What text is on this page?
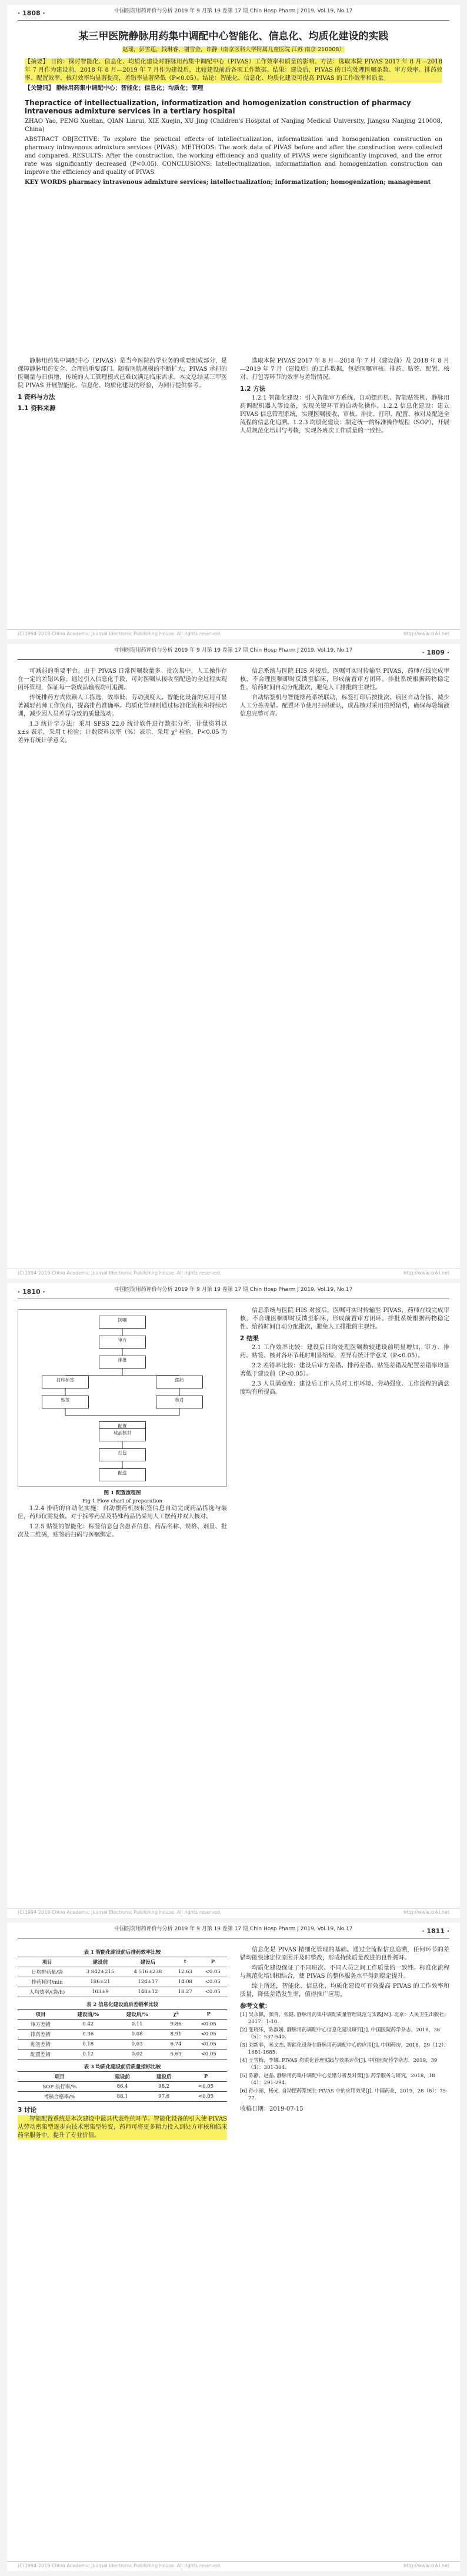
· 1808 ·	中国医院用药评价与分析 2019 年 9 月第 19 卷第 17 期 Chin Hosp Pharm J 2019, Vol.19, No.17
某三甲医院静脉用药集中调配中心智能化、信息化、均质化建设的实践
赵瑶，彭雪莲，钱琳睿，谢雪金，许静（南京医科大学附属儿童医院 江苏 南京 210008）

【摘要】 目的：探讨智能化、信息化、均质化建设对静脉用药集中调配中心（PIVAS）工作效率和质量的影响。方法：选取本院 PIVAS 2017 年 8 月—2018 年 7 月作为建设前，2018 年 8 月—2019 年 7 月作为建设后，比较建设前后各项工作数据。结果：建设后，PIVAS 的日均处理医嘱条数、审方效率、排药效率、配置效率、核对效率均显著提高，差错率显著降低（P<0.05）。结论：智能化、信息化、均质化建设可提高 PIVAS 的工作效率和质量。

【关键词】 静脉用药集中调配中心；智能化；信息化；均质化；管理

Thepractice of intellectualization, informatization and homogenization construction of pharmacy intravenous admixture services in a tertiary hospital

ZHAO Yao, PENG Xuelian, QIAN Linrui, XIE Xuejin, XU Jing (Children's Hospital of Nanjing Medical University, Jiangsu Nanjing 210008, China)

ABSTRACT OBJECTIVE: To explore the practical effects of intellectualization, informatization and homogenization construction on pharmacy intravenous admixture services (PIVAS). METHODS: The work data of PIVAS before and after the construction were collected and compared. RESULTS: After the construction, the working efficiency and quality of PIVAS were significantly improved, and the error rate was significantly decreased (P<0.05). CONCLUSIONS: Intellectualization, informatization and homogenization construction can improve the efficiency and quality of PIVAS.

KEY WORDS pharmacy intravenous admixture services; intellectualization; informatization; homogenization; management

静脉用药集中调配中心（PIVAS）是当今医院药学业务的重要组成部分，是保障静脉用药安全、合理的重要部门。随着医院规模的不断扩大，PIVAS 承担的医嘱量与日俱增，传统的人工管理模式已难以满足临床需求。本文总结某三甲医院 PIVAS 开展智能化、信息化、均质化建设的经验，为同行提供参考。

1 资料与方法
1.1 资料来源

选取本院 PIVAS 2017 年 8 月—2018 年 7 月（建设前）及 2018 年 8 月—2019 年 7 月（建设后）的工作数据，包括医嘱审核、排药、贴签、配置、核对、打包等环节的效率与差错情况。

1.2 方法

1.2.1 智能化建设：引入智能审方系统、自动摆药机、智能贴签机、静脉用药调配机器人等设备，实现关键环节的自动化操作。1.2.2 信息化建设：建立 PIVAS 信息管理系统，实现医嘱接收、审核、排批、打印、配置、核对及配送全流程的信息化追溯。1.2.3 均质化建设：制定统一的标准操作规程（SOP），开展人员规范化培训与考核，实现各班次工作质量的一致性。

http://www.cnki.net
(C)1994-2019 China Academic Journal Electronic Publishing House. All rights reserved.
· 1809 ·
中国医院用药评价与分析 2019 年 9 月第 19 卷第 17 期 Chin Hosp Pharm J 2019, Vol.19, No.17

可减弱的重要平台。由于 PIVAS 日常医嘱数量多、批次集中，人工操作存在一定的差错风险。通过引入信息化手段，可对医嘱从接收至配送的全过程实现闭环管理，保证每一袋成品输液均可追溯。

传统排药方式依赖人工拣选，效率低、劳动强度大。智能化设备的应用可显著减轻药师工作负荷，提高排药准确率。均质化管理则通过标准化流程和持续培训，减少因人员差异导致的质量波动。

1.3 统计学方法：采用 SPSS 22.0 统计软件进行数据分析，计量资料以 x±s 表示，采用 t 检验；计数资料以率（%）表示，采用 χ² 检验，P<0.05 为差异有统计学意义。

信息系统与医院 HIS 对接后，医嘱可实时传输至 PIVAS，药师在线完成审核，不合理医嘱即时反馈至临床，形成前置审方闭环。排批系统根据药物稳定性、给药时间自动分配批次，避免人工排批的主观性。

自动贴签机与智能摆药系统联动，标签打印后按批次、病区自动分拣，减少人工分拣差错。配置环节使用扫码确认，成品核对采用拍照留档，确保每袋输液信息完整可查。

http://www.cnki.net
(C)1994-2019 China Academic Journal Electronic Publishing House. All rights reserved.
· 1810 ·	中国医院用药评价与分析 2019 年 9 月第 19 卷第 17 期 Chin Hosp Pharm J 2019, Vol.19, No.17
医嘱
审方
排批
打印标签	摆药
贴签	核对
配置
成品核对
打包
配送
图 1 配置流程图
Fig 1 Flow chart of preparation

1.2.4 排药的自动化实施：自动摆药机按标签信息自动完成药品拣选与装筐，药师仅需复核。对于拆零药品及特殊药品仍采用人工摆药并双人核对。

1.2.5 贴签的智能化：标签信息包含患者信息、药品名称、规格、剂量、批次及二维码，贴签后扫码与医嘱绑定。

信息系统与医院 HIS 对接后，医嘱可实时传输至 PIVAS，药师在线完成审核，不合理医嘱即时反馈至临床，形成前置审方闭环。排批系统根据药物稳定性、给药时间自动分配批次，避免人工排批的主观性。

2 结果

2.1 工作效率比较：建设后日均处理医嘱数较建设前明显增加，审方、排药、贴签、核对各环节耗时明显缩短，差异有统计学意义（P<0.05）。

2.2 差错率比较：建设后审方差错、排药差错、贴签差错及配置差错率均显著低于建设前（P<0.05）。

2.3 人员满意度：建设后工作人员对工作环境、劳动强度、工作流程的满意度均有所提高。

http://www.cnki.net
(C)1994-2019 China Academic Journal Electronic Publishing House. All rights reserved.
· 1811 ·
中国医院用药评价与分析 2019 年 9 月第 19 卷第 17 期 Chin Hosp Pharm J 2019, Vol.19, No.17
表 1 智能化建设前后排药效率比较
项目	建设前	建设后	t	P
日均排药量/袋	3 842±215	4 516±238	12.63	<0.05
排药耗时/min	186±21	124±17	14.08	<0.05
人均效率/(袋/h)	103±9	148±12	18.27	<0.05
表 2 信息化建设前后差错率比较
项目	建设前/%	建设后/%	χ²	P
审方差错	0.42	0.11	9.86	<0.05
排药差错	0.36	0.08	8.91	<0.05
贴签差错	0.18	0.03	6.74	<0.05
配置差错	0.12	0.02	5.63	<0.05
表 3 均质化建设前后质量指标比较
项目	建设前	建设后	P
SOP 执行率/%	86.4	98.2	<0.05
考核合格率/%	88.1	97.6	<0.05
3 讨论

智能配置系统是本次建设中最具代表性的环节。智能化设备的引入使 PIVAS 从劳动密集型逐步向技术密集型转变，药师可将更多精力投入到处方审核和临床药学服务中，提升了专业价值。

信息化是 PIVAS 精细化管理的基础。通过全流程信息追溯，任何环节的差错均能快速定位原因并及时整改，形成持续质量改进的良性循环。

均质化建设保证了不同班次、不同人员之间工作质量的一致性。标准化流程与规范化培训相结合，使 PIVAS 的整体服务水平得到稳定提升。

综上所述，智能化、信息化、均质化建设可有效提高 PIVAS 的工作效率和质量，降低差错发生率，值得推广应用。

参考文献：

[1] 吴永佩，颜青，张健. 静脉用药集中调配质量管理规范与实践[M]. 北京：人民卫生出版社，2017：1-10.

[2] 张晓乐，陈淑媛. 静脉用药调配中心信息化建设研究[J]. 中国医院药学杂志，2018，38（5）：537-540.

[3] 刘新春，米文杰. 智能化设备在静脉用药调配中心的应用[J]. 中国药房，2018，29（12）：1681-1685.

[4] 王雪梅，李娜. PIVAS 均质化管理实践与效果评价[J]. 中国医院药学杂志，2019，39（3）：301-304.

[5] 陈静，赵晶. 静脉用药集中调配中心差错分析及对策[J]. 药学服务与研究，2018，18（4）：291-294.

[6] 孙小丽，杨光. 自动摆药系统在 PIVAS 中的应用效果[J]. 中国药业，2019，28（8）：75-77.

收稿日期：2019-07-15

http://www.cnki.net
(C)1994-2019 China Academic Journal Electronic Publishing House. All rights reserved.
